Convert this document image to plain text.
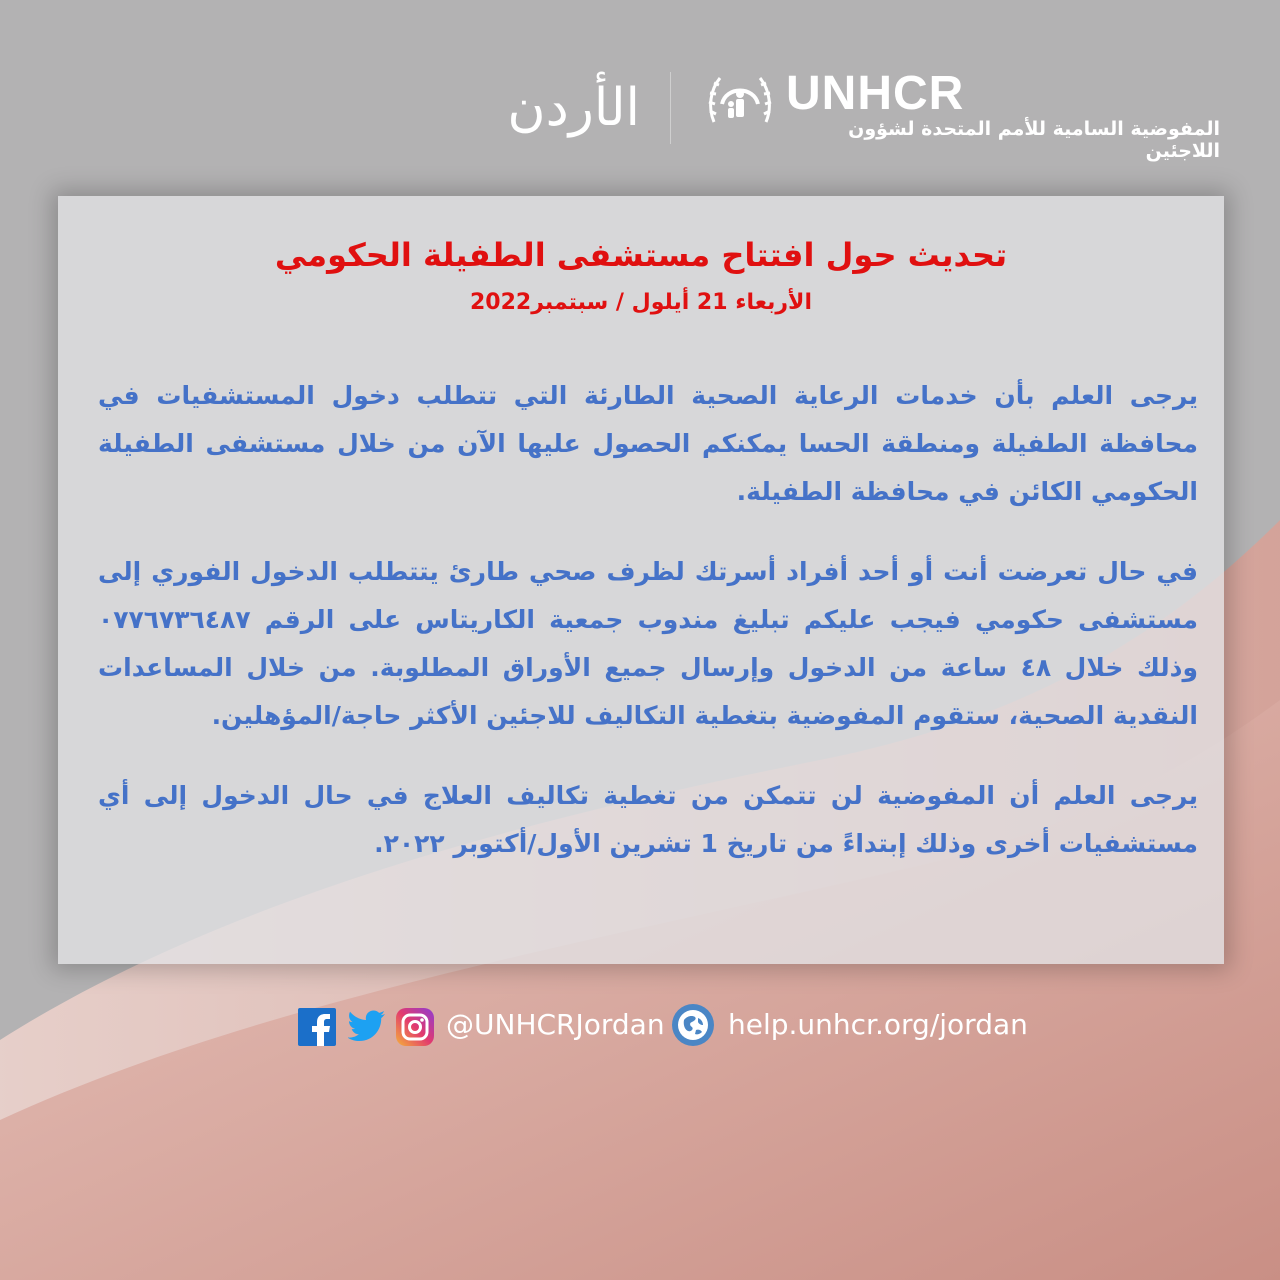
الأردن	UNHCR
المفوضية السامية للأمم المتحدة لشؤون اللاجئين
تحديث حول افتتاح مستشفى الطفيلة الحكومي
الأربعاء 21 أيلول / سبتمبر2022
يرجى العلم بأن خدمات الرعاية الصحية الطارئة التي تتطلب دخول المستشفيات في محافظة الطفيلة ومنطقة الحسا يمكنكم الحصول عليها الآن من خلال مستشفى الطفيلة الحكومي الكائن في محافظة الطفيلة.
في حال تعرضت أنت أو أحد أفراد أسرتك لظرف صحي طارئ يتتطلب الدخول الفوري إلى مستشفى حكومي فيجب عليكم تبليغ مندوب جمعية الكاريتاس على الرقم ٠٧٧٦٧٣٦٤٨٧ وذلك خلال ٤٨ ساعة من الدخول وإرسال جميع الأوراق المطلوبة. من خلال المساعدات النقدية الصحية، ستقوم المفوضية بتغطية التكاليف للاجئين الأكثر حاجة/المؤهلين.
يرجى العلم أن المفوضية لن تتمكن من تغطية تكاليف العلاج في حال الدخول إلى أي مستشفيات أخرى وذلك إبتداءً من تاريخ 1 تشرين الأول/أكتوبر ٢٠٢٢.
@UNHCRJordan help.unhcr.org/jordan
